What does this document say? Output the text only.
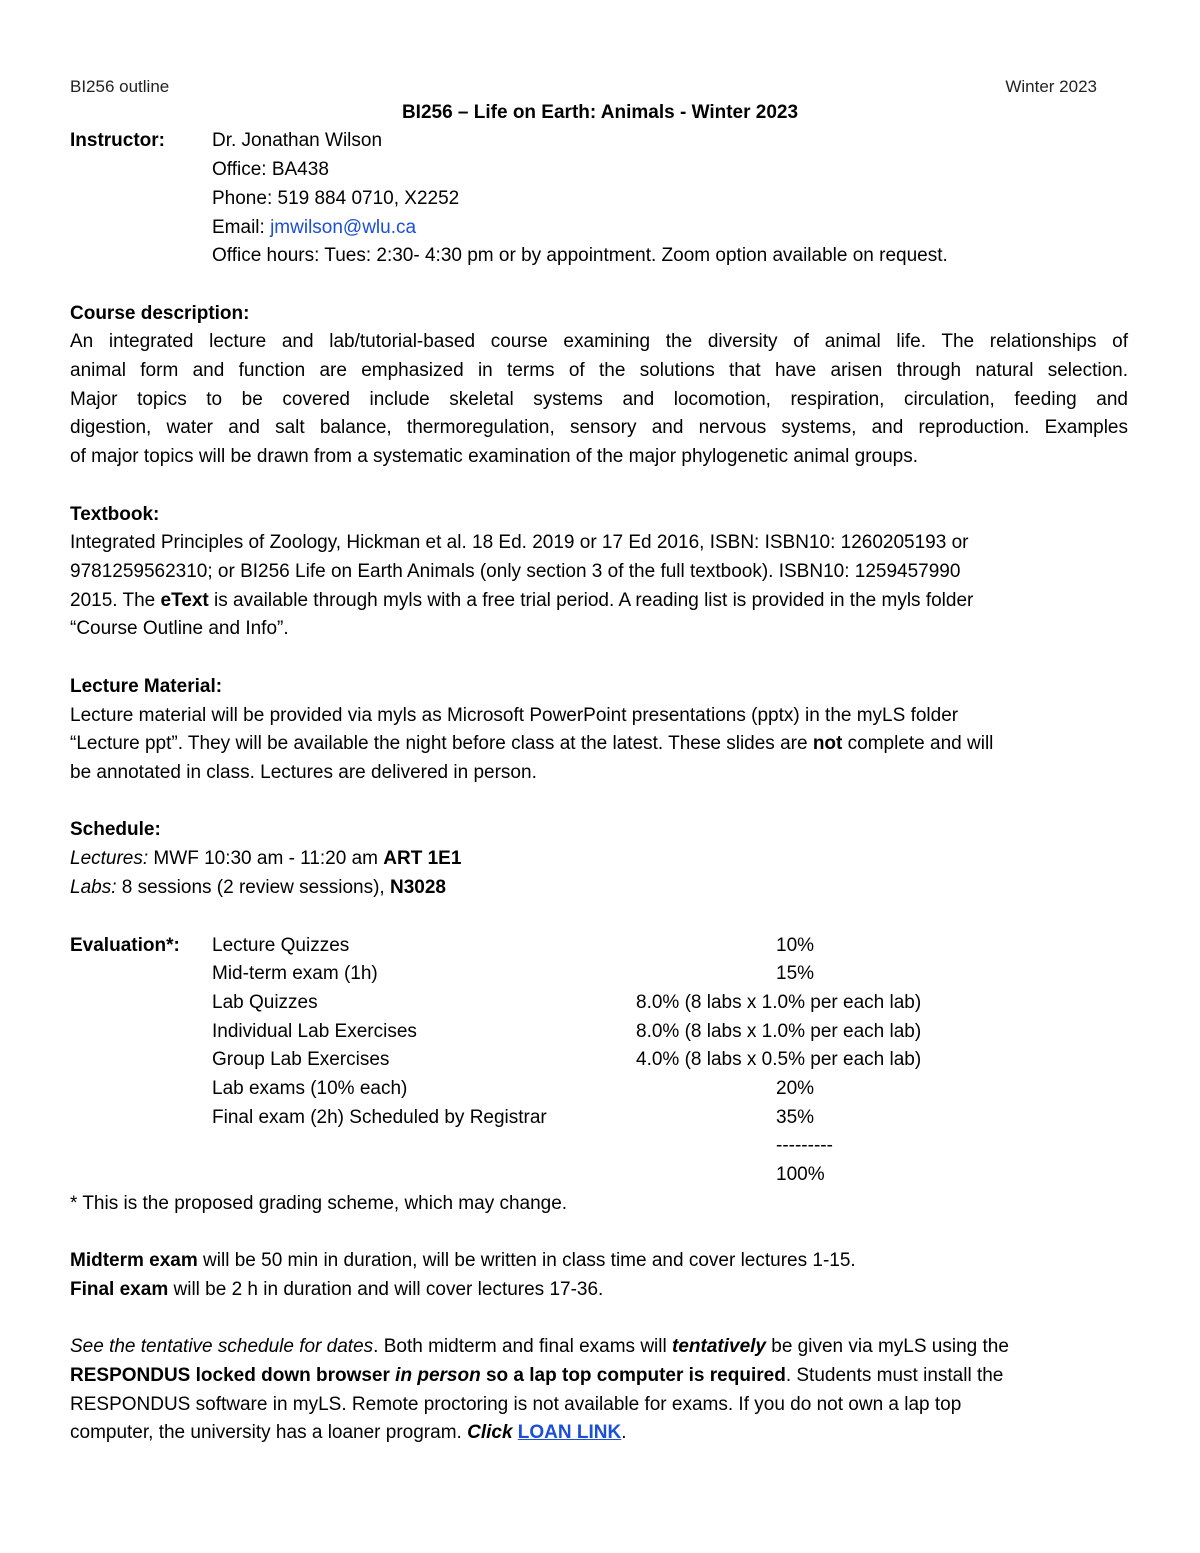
BI256 outline	Winter 2023
BI256 – Life on Earth: Animals - Winter 2023
Instructor: Dr. Jonathan Wilson
Office: BA438
Phone: 519 884 0710, X2252
Email: jmwilson@wlu.ca
Office hours: Tues: 2:30- 4:30 pm or by appointment. Zoom option available on request.
Course description:
An integrated lecture and lab/tutorial-based course examining the diversity of animal life. The relationships of
animal form and function are emphasized in terms of the solutions that have arisen through natural selection.
Major topics to be covered include skeletal systems and locomotion, respiration, circulation, feeding and
digestion, water and salt balance, thermoregulation, sensory and nervous systems, and reproduction. Examples
of major topics will be drawn from a systematic examination of the major phylogenetic animal groups.
Textbook:
Integrated Principles of Zoology, Hickman et al. 18 Ed. 2019 or 17 Ed 2016, ISBN: ISBN10: 1260205193 or
9781259562310; or BI256 Life on Earth Animals (only section 3 of the full textbook). ISBN10: 1259457990
2015. The eText is available through myls with a free trial period. A reading list is provided in the myls folder
“Course Outline and Info”.
Lecture Material:
Lecture material will be provided via myls as Microsoft PowerPoint presentations (pptx) in the myLS folder
“Lecture ppt”. They will be available the night before class at the latest. These slides are not complete and will
be annotated in class. Lectures are delivered in person.
Schedule:
Lectures: MWF 10:30 am - 11:20 am ART 1E1
Labs: 8 sessions (2 review sessions), N3028
Evaluation*: Lecture Quizzes	10%
Mid-term exam (1h)	15%
Lab Quizzes	8.0% (8 labs x 1.0% per each lab)
Individual Lab Exercises	8.0% (8 labs x 1.0% per each lab)
Group Lab Exercises	4.0% (8 labs x 0.5% per each lab)
Lab exams (10% each)	20%
Final exam (2h) Scheduled by Registrar	35%
---------
100%
* This is the proposed grading scheme, which may change.
Midterm exam will be 50 min in duration, will be written in class time and cover lectures 1-15.
Final exam will be 2 h in duration and will cover lectures 17-36.
See the tentative schedule for dates. Both midterm and final exams will tentatively be given via myLS using the
RESPONDUS locked down browser in person so a lap top computer is required. Students must install the
RESPONDUS software in myLS. Remote proctoring is not available for exams. If you do not own a lap top
computer, the university has a loaner program. Click LOAN LINK.
